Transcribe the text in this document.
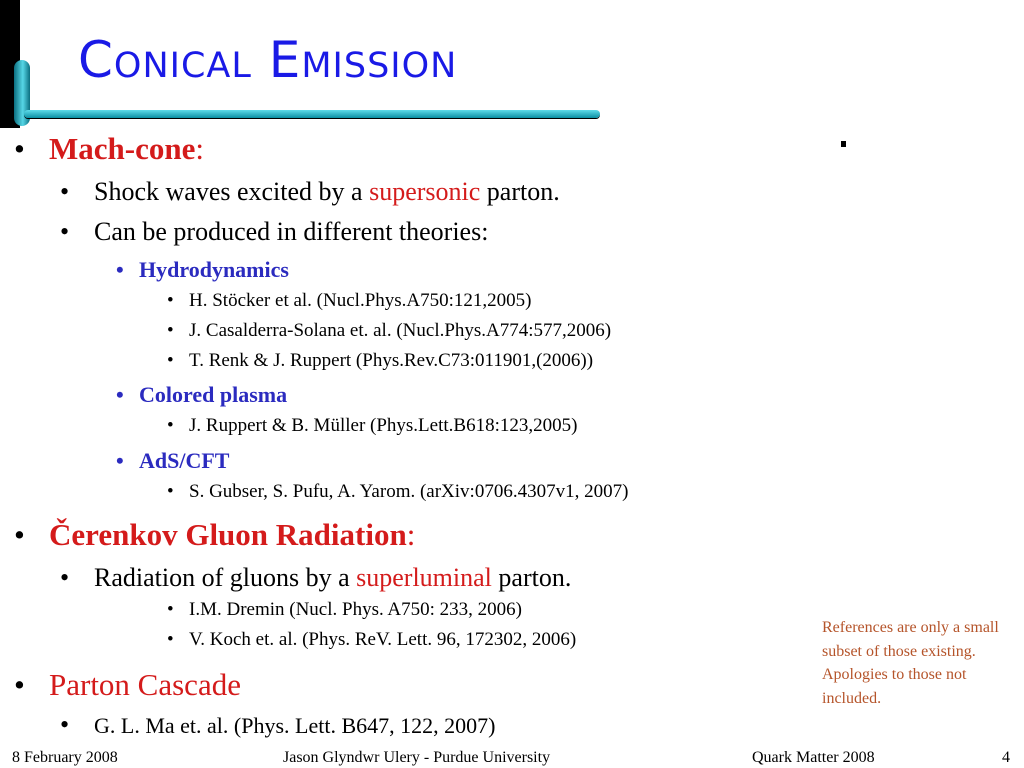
Conical Emission
• Mach-cone:
• Shock waves excited by a supersonic parton.
• Can be produced in different theories:
• Hydrodynamics
• H. Stöcker et al. (Nucl.Phys.A750:121,2005)
• J. Casalderra-Solana et. al. (Nucl.Phys.A774:577,2006)
• T. Renk & J. Ruppert (Phys.Rev.C73:011901,(2006))
• Colored plasma
• J. Ruppert & B. Müller (Phys.Lett.B618:123,2005)
• AdS/CFT
• S. Gubser, S. Pufu, A. Yarom. (arXiv:0706.4307v1, 2007)
• Čerenkov Gluon Radiation:
• Radiation of gluons by a superluminal parton.
• I.M. Dremin (Nucl. Phys. A750: 233, 2006)
• V. Koch et. al. (Phys. ReV. Lett. 96, 172302, 2006)
• Parton Cascade
• G. L. Ma et. al. (Phys. Lett. B647, 122, 2007)
References are only a small subset of those existing.
Apologies to those not included.
8 February 2008	Jason Glyndwr Ulery - Purdue University	Quark Matter 2008	4
